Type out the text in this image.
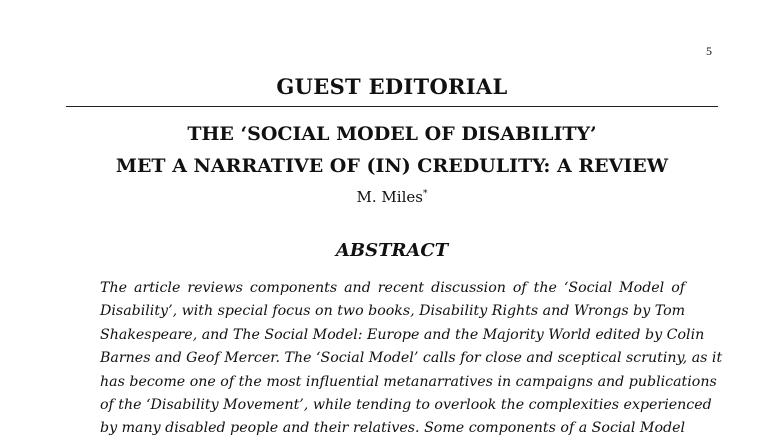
5
GUEST EDITORIAL
THE ‘SOCIAL MODEL OF DISABILITY’
MET A NARRATIVE OF (IN) CREDULITY: A REVIEW
M. Miles*
ABSTRACT
The article reviews components and recent discussion of the ‘Social Model of
Disability’, with special focus on two books, Disability Rights and Wrongs by Tom
Shakespeare, and The Social Model: Europe and the Majority World edited by Colin
Barnes and Geof Mercer. The ‘Social Model’ calls for close and sceptical scrutiny, as it
has become one of the most influential metanarratives in campaigns and publications
of the ‘Disability Movement’, while tending to overlook the complexities experienced
by many disabled people and their relatives. Some components of a Social Model
